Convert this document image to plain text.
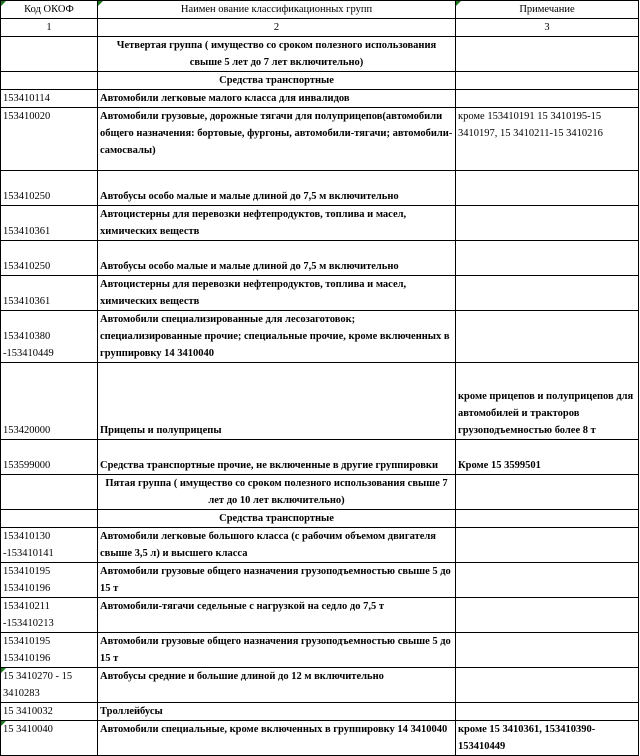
Код ОКОФ	Наимен ование классификационных групп	Примечание
1	2	3
	Четвертая группа ( имущество со сроком полезного использования свыше 5 лет до 7 лет включительно)	
	Средства транспортные	
153410114	Автомобили легковые малого класса для инвалидов	
153410020	Автомобили грузовые, дорожные тягачи для полуприцепов(автомобили общего назначения: бортовые, фургоны, автомобили-тягачи; автомобили-самосвалы)	кроме 153410191 15 3410195-15 3410197, 15 3410211-15 3410216
153410250	Автобусы особо малые и малые длиной до 7,5 м включительно	
153410361	Автоцистерны для перевозки нефтепродуктов, топлива и масел, химических веществ	
153410250	Автобусы особо малые и малые длиной до 7,5 м включительно	
153410361	Автоцистерны для перевозки нефтепродуктов, топлива и масел, химических веществ	
153410380 -153410449	Автомобили специализированные для лесозаготовок; специализированные прочие; специальные прочие, кроме включенных в группировку 14 3410040	
153420000	Прицепы и полуприцепы	кроме прицепов и полуприцепов для автомобилей и тракторов грузоподъемностью более 8 т
153599000	Средства транспортные прочие, не включенные в другие группировки	Кроме 15 3599501
	Пятая группа ( имущество со сроком полезного использования свыше 7 лет до 10 лет включительно)	
	Средства транспортные	
153410130 -153410141	Автомобили легковые большого класса (с рабочим объемом двигателя свыше 3,5 л) и высшего класса	
153410195 153410196	Автомобили грузовые общего назначения грузоподъемностью свыше 5 до 15 т	
153410211 -153410213	Автомобили-тягачи седельные с нагрузкой на седло до 7,5 т	
153410195 153410196	Автомобили грузовые общего назначения грузоподъемностью свыше 5 до 15 т	
15 3410270 - 15 3410283	Автобусы средние и большие длиной до 12 м включительно	
15 3410032	Троллейбусы	
15 3410040	Автомобили специальные, кроме включенных в группировку 14 3410040	кроме 15 3410361, 153410390-153410449
